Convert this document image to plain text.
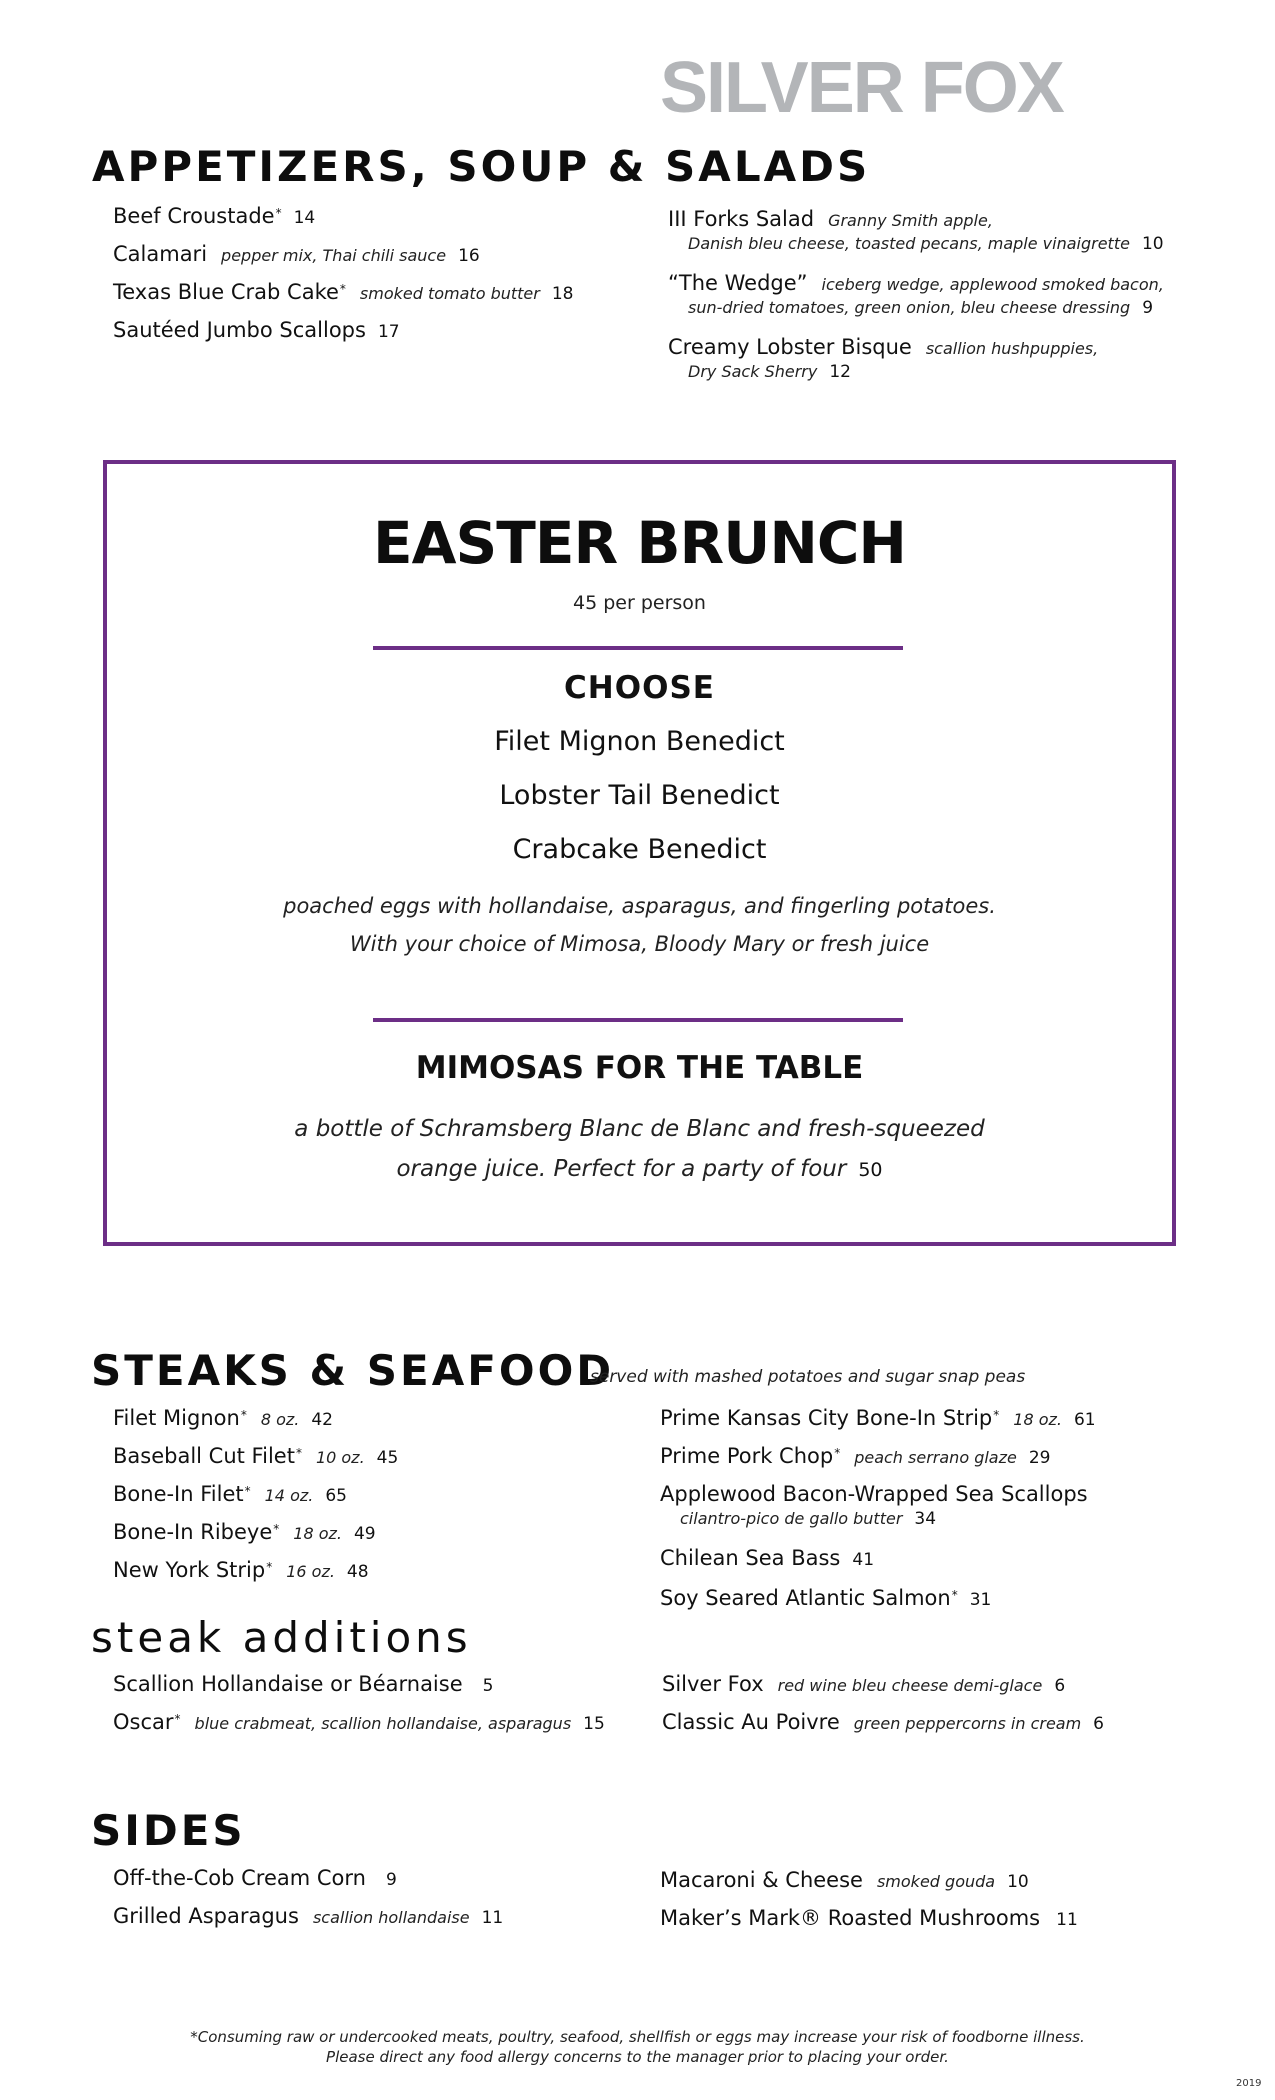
SILVER FOX
APPETIZERS, SOUP & SALADS
Beef Croustade* 14
Calamari pepper mix, Thai chili sauce 16
Texas Blue Crab Cake* smoked tomato butter 18
Sautéed Jumbo Scallops 17
III Forks Salad Granny Smith apple,
Danish bleu cheese, toasted pecans, maple vinaigrette 10
“The Wedge” iceberg wedge, applewood smoked bacon,
sun-dried tomatoes, green onion, bleu cheese dressing 9
Creamy Lobster Bisque scallion hushpuppies,
Dry Sack Sherry 12
EASTER BRUNCH
45 per person
CHOOSE
Filet Mignon Benedict
Lobster Tail Benedict
Crabcake Benedict
poached eggs with hollandaise, asparagus, and fingerling potatoes.
With your choice of Mimosa, Bloody Mary or fresh juice
MIMOSAS FOR THE TABLE
a bottle of Schramsberg Blanc de Blanc and fresh-squeezed
orange juice. Perfect for a party of four 50
STEAKS & SEAFOOD
served with mashed potatoes and sugar snap peas
Filet Mignon* 8 oz. 42
Baseball Cut Filet* 10 oz. 45
Bone-In Filet* 14 oz. 65
Bone-In Ribeye* 18 oz. 49
New York Strip* 16 oz. 48
Prime Kansas City Bone-In Strip* 18 oz. 61
Prime Pork Chop* peach serrano glaze 29
Applewood Bacon-Wrapped Sea Scallops
cilantro-pico de gallo butter 34
Chilean Sea Bass 41
Soy Seared Atlantic Salmon* 31
steak additions
Scallion Hollandaise or Béarnaise 5
Oscar* blue crabmeat, scallion hollandaise, asparagus 15
Silver Fox red wine bleu cheese demi-glace 6
Classic Au Poivre green peppercorns in cream 6
SIDES
Off-the-Cob Cream Corn 9
Grilled Asparagus scallion hollandaise 11
Macaroni & Cheese smoked gouda 10
Maker’s Mark® Roasted Mushrooms 11
*Consuming raw or undercooked meats, poultry, seafood, shellfish or eggs may increase your risk of foodborne illness.
Please direct any food allergy concerns to the manager prior to placing your order.
2019
